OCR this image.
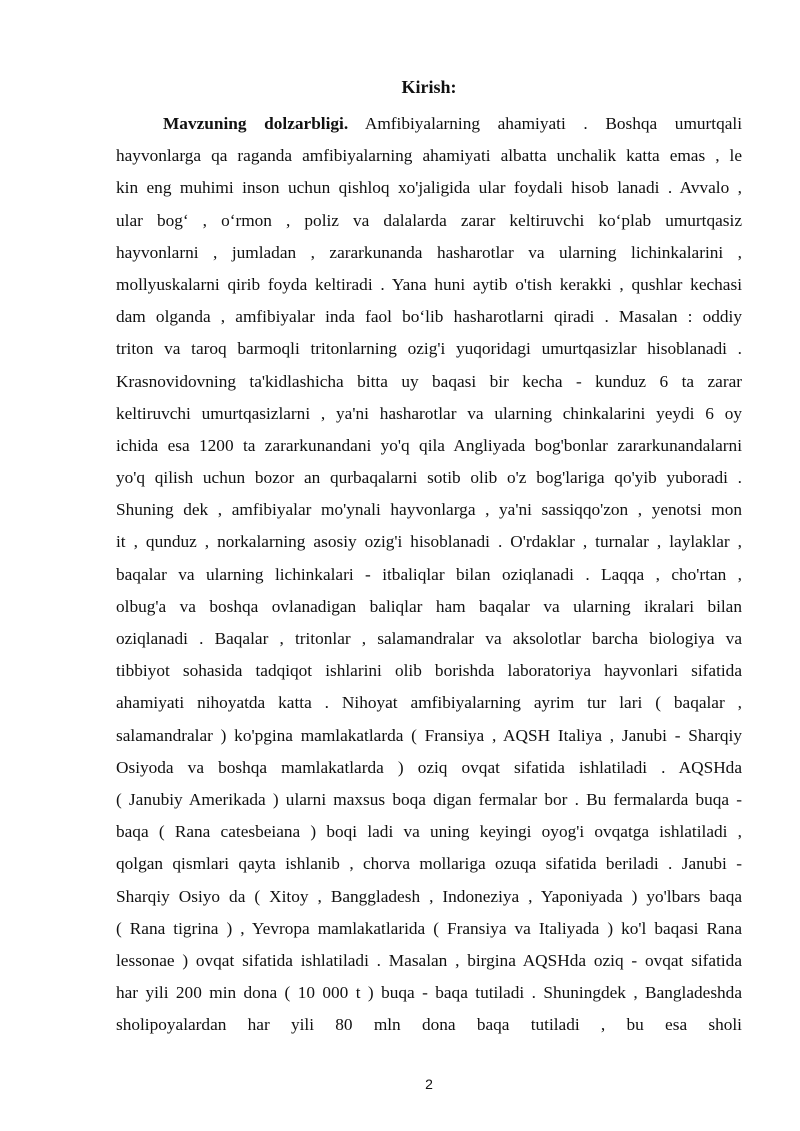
Kirish:
Mavzuning dolzarbligi. Amfibiyalarning ahamiyati . Boshqa umurtqali
hayvonlarga qa raganda amfibiyalarning ahamiyati albatta unchalik katta emas , le
kin eng muhimi inson uchun qishloq xo'jaligida ular foydali hisob lanadi . Avvalo ,
ular bog‘ , o‘rmon , poliz va dalalarda zarar keltiruvchi ko‘plab umurtqasiz
hayvonlarni , jumladan , zararkunanda hasharotlar va ularning lichinkalarini ,
mollyuskalarni qirib foyda keltiradi . Yana huni aytib o'tish kerakki , qushlar kechasi
dam olganda , amfibiyalar inda faol bo‘lib hasharotlarni qiradi . Masalan : oddiy
triton va taroq barmoqli tritonlarning ozig'i yuqoridagi umurtqasizlar hisoblanadi .
Krasnovidovning ta'kidlashicha bitta uy baqasi bir kecha - kunduz 6 ta zarar
keltiruvchi umurtqasizlarni , ya'ni hasharotlar va ularning chinkalarini yeydi 6 oy
ichida esa 1200 ta zararkunandani yo'q qila Angliyada bog'bonlar zararkunandalarni
yo'q qilish uchun bozor an qurbaqalarni sotib olib o'z bog'lariga qo'yib yuboradi .
Shuning dek , amfibiyalar mo'ynali hayvonlarga , ya'ni sassiqqo'zon , yenotsi mon
it , qunduz , norkalarning asosiy ozig'i hisoblanadi . O'rdaklar , turnalar , laylaklar ,
baqalar va ularning lichinkalari - itbaliqlar bilan oziqlanadi . Laqqa , cho'rtan ,
olbug'a va boshqa ovlanadigan baliqlar ham baqalar va ularning ikralari bilan
oziqlanadi . Baqalar , tritonlar , salamandralar va aksolotlar barcha biologiya va
tibbiyot sohasida tadqiqot ishlarini olib borishda laboratoriya hayvonlari sifatida
ahamiyati nihoyatda katta . Nihoyat amfibiyalarning ayrim tur lari ( baqalar ,
salamandralar ) ko'pgina mamlakatlarda ( Fransiya , AQSH Italiya , Janubi - Sharqiy
Osiyoda va boshqa mamlakatlarda ) oziq ovqat sifatida ishlatiladi . AQSHda
( Janubiy Amerikada ) ularni maxsus boqa digan fermalar bor . Bu fermalarda buqa -
baqa ( Rana catesbeiana ) boqi ladi va uning keyingi oyog'i ovqatga ishlatiladi ,
qolgan qismlari qayta ishlanib , chorva mollariga ozuqa sifatida beriladi . Janubi -
Sharqiy Osiyo da ( Xitoy , Banggladesh , Indoneziya , Yaponiyada ) yo'lbars baqa
( Rana tigrina ) , Yevropa mamlakatlarida ( Fransiya va Italiyada ) ko'l baqasi Rana
lessonae ) ovqat sifatida ishlatiladi . Masalan , birgina AQSHda oziq - ovqat sifatida
har yili 200 min dona ( 10 000 t ) buqa - baqa tutiladi . Shuningdek , Bangladeshda
sholipoyalardan har yili 80 mln dona baqa tutiladi , bu esa sholi
2
